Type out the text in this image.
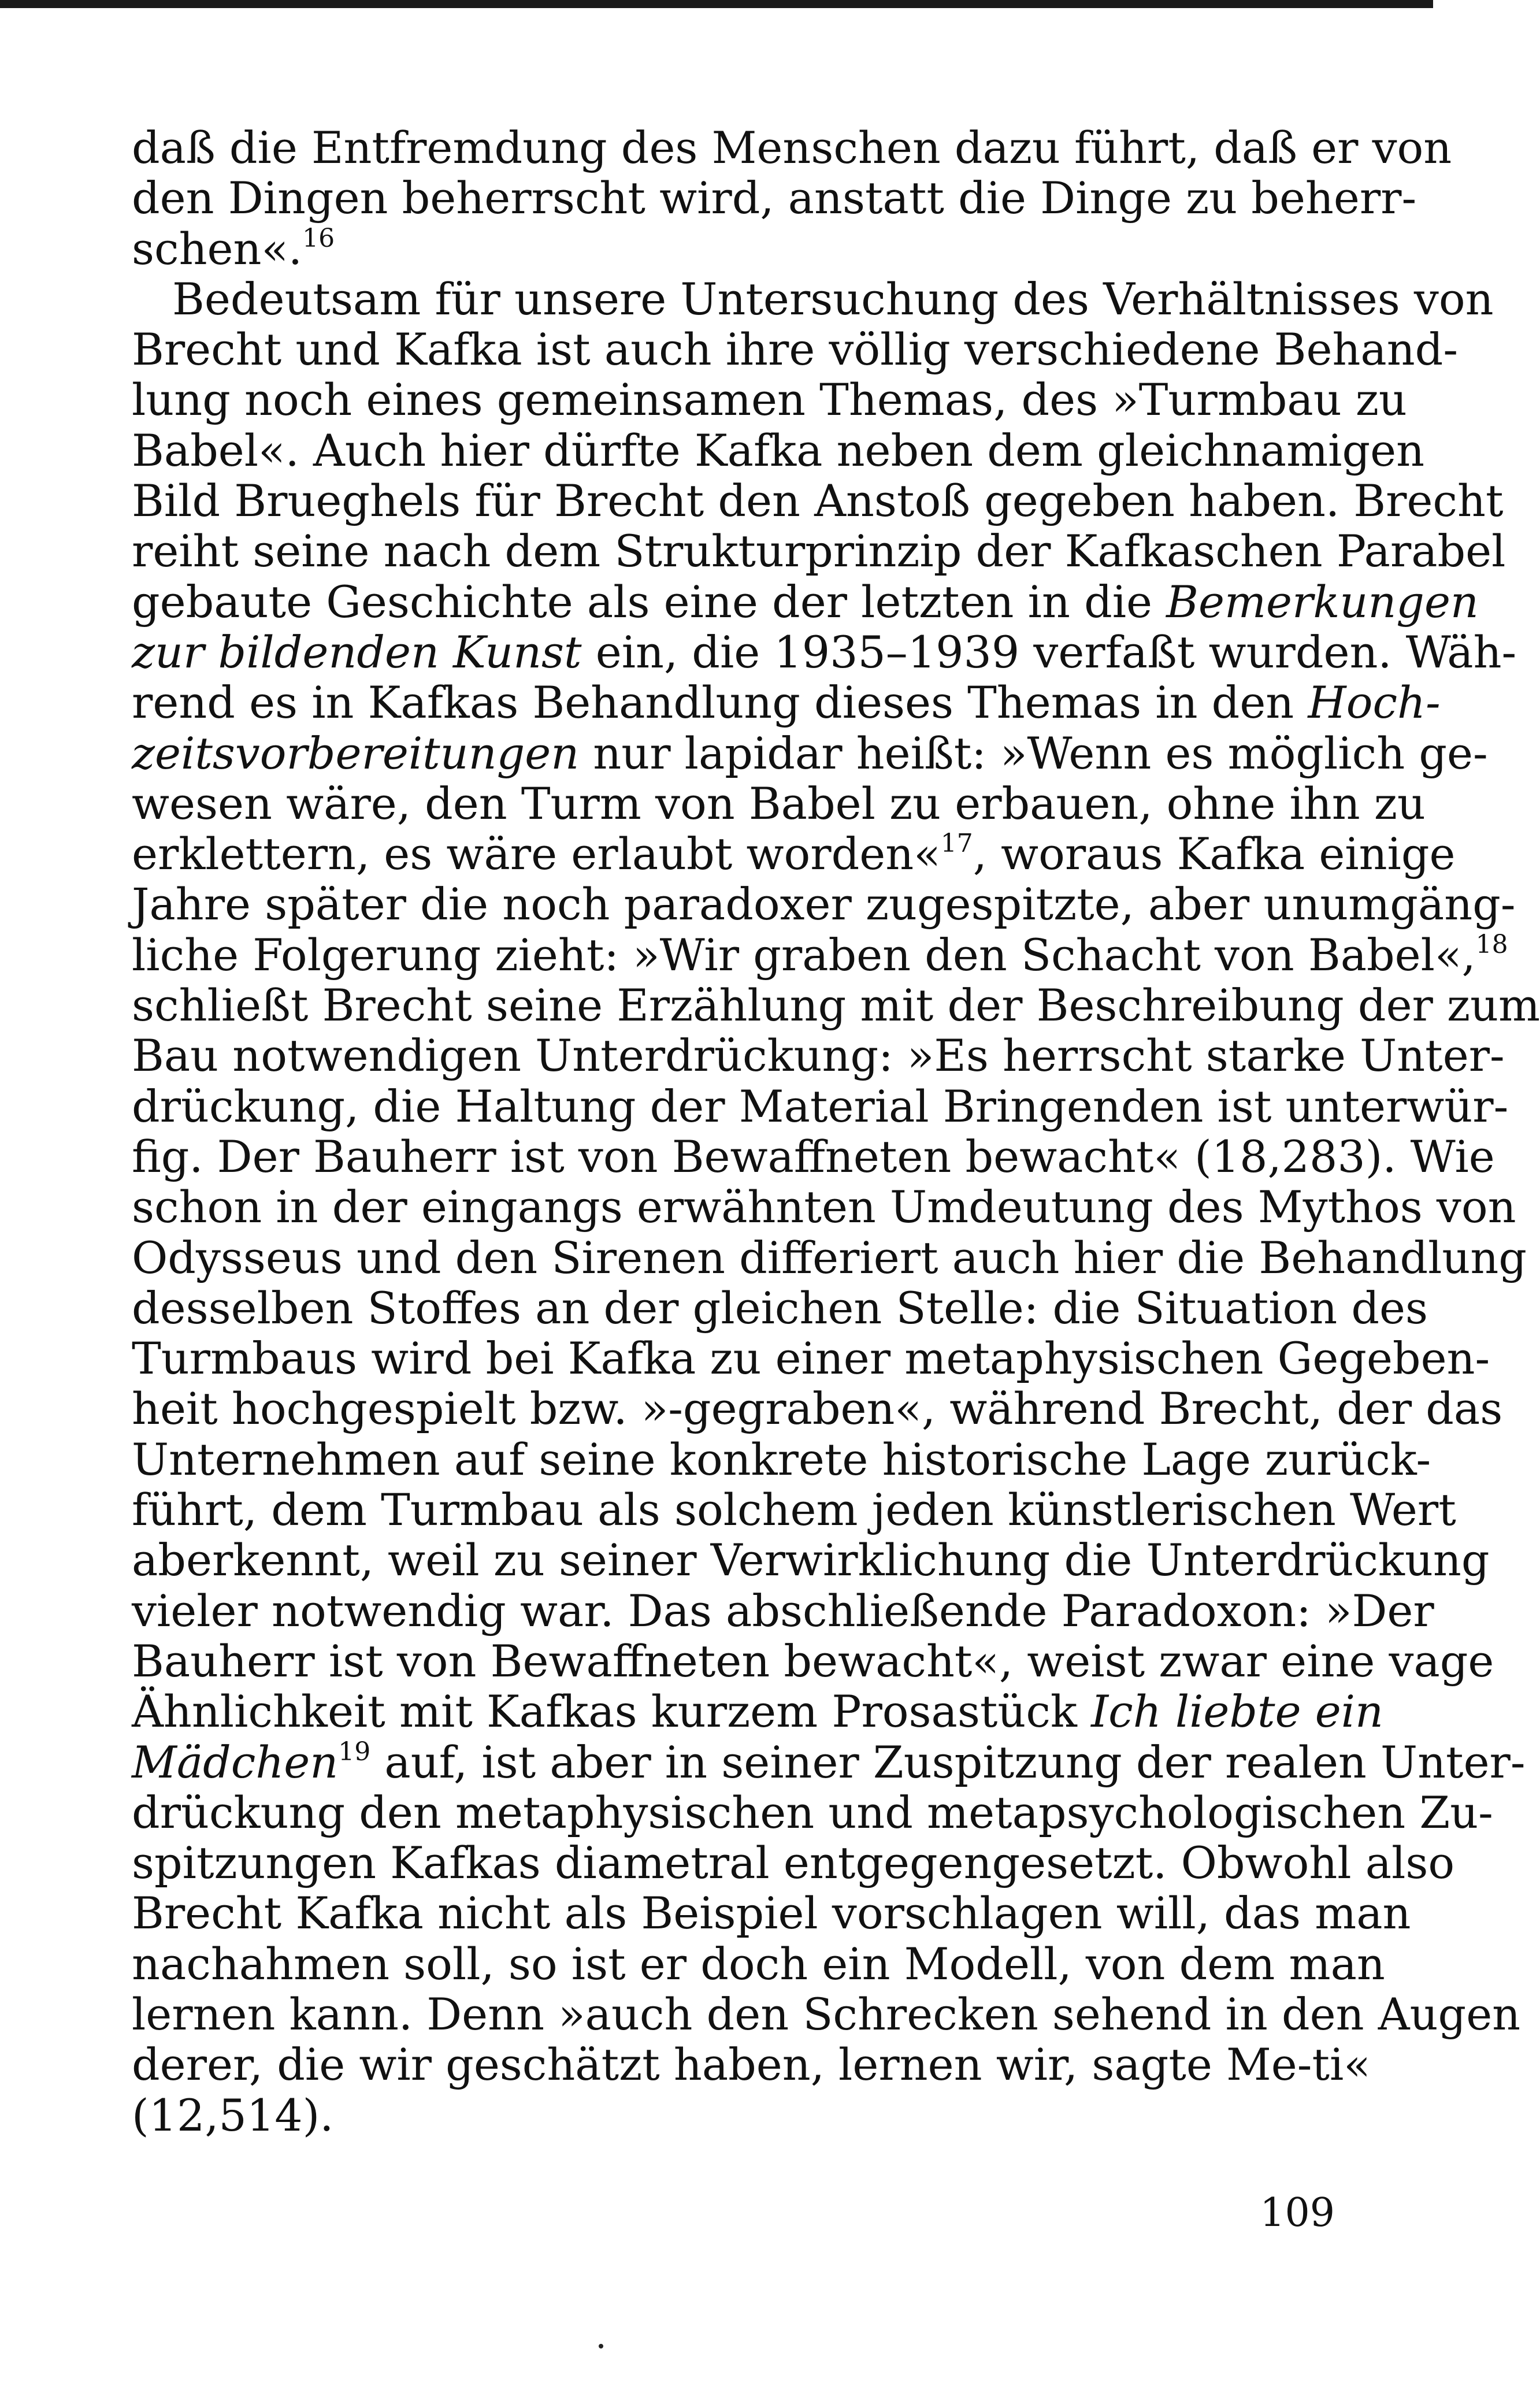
daß die Entfremdung des Menschen dazu führt, daß er von
den Dingen beherrscht wird, anstatt die Dinge zu beherr-
schen«.$^{16}$
Bedeutsam für unsere Untersuchung des Verhältnisses von
Brecht und Kafka ist auch ihre völlig verschiedene Behand-
lung noch eines gemeinsamen Themas, des »Turmbau zu
Babel«. Auch hier dürfte Kafka neben dem gleichnamigen
Bild Brueghels für Brecht den Anstoß gegeben haben. Brecht
reiht seine nach dem Strukturprinzip der Kafkaschen Parabel
gebaute Geschichte als eine der letzten in die Bemerkungen
zur bildenden Kunst ein, die 1935–1939 verfaßt wurden. Wäh-
rend es in Kafkas Behandlung dieses Themas in den Hoch-
zeitsvorbereitungen nur lapidar heißt: »Wenn es möglich ge-
wesen wäre, den Turm von Babel zu erbauen, ohne ihn zu
erklettern, es wäre erlaubt worden«$^{17}$, woraus Kafka einige
Jahre später die noch paradoxer zugespitzte, aber unumgäng-
liche Folgerung zieht: »Wir graben den Schacht von Babel«,$^{18}$
schließt Brecht seine Erzählung mit der Beschreibung der zum
Bau notwendigen Unterdrückung: »Es herrscht starke Unter-
drückung, die Haltung der Material Bringenden ist unterwür-
fig. Der Bauherr ist von Bewaffneten bewacht« (18,283). Wie
schon in der eingangs erwähnten Umdeutung des Mythos von
Odysseus und den Sirenen differiert auch hier die Behandlung
desselben Stoffes an der gleichen Stelle: die Situation des
Turmbaus wird bei Kafka zu einer metaphysischen Gegeben-
heit hochgespielt bzw. »-gegraben«, während Brecht, der das
Unternehmen auf seine konkrete historische Lage zurück-
führt, dem Turmbau als solchem jeden künstlerischen Wert
aberkennt, weil zu seiner Verwirklichung die Unterdrückung
vieler notwendig war. Das abschließende Paradoxon: »Der
Bauherr ist von Bewaffneten bewacht«, weist zwar eine vage
Ähnlichkeit mit Kafkas kurzem Prosastück Ich liebte ein
Mädchen$^{19}$ auf, ist aber in seiner Zuspitzung der realen Unter-
drückung den metaphysischen und metapsychologischen Zu-
spitzungen Kafkas diametral entgegengesetzt. Obwohl also
Brecht Kafka nicht als Beispiel vorschlagen will, das man
nachahmen soll, so ist er doch ein Modell, von dem man
lernen kann. Denn »auch den Schrecken sehend in den Augen
derer, die wir geschätzt haben, lernen wir, sagte Me-ti«
(12,514).
109
